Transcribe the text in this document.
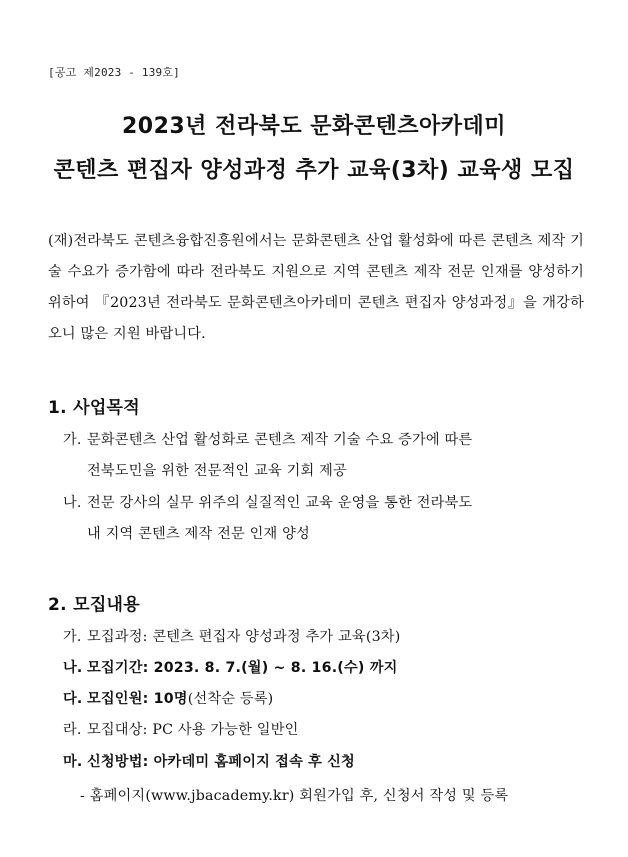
[공고 제2023 - 139호]
2023년 전라북도 문화콘텐츠아카데미
콘텐츠 편집자 양성과정 추가 교육(3차) 교육생 모집
(재)전라북도 콘텐츠융합진흥원에서는 문화콘텐츠 산업 활성화에 따른 콘텐츠 제작 기술 수요가 증가함에 따라 전라북도 지원으로 지역 콘텐츠 제작 전문 인재를 양성하기 위하여 『2023년 전라북도 문화콘텐츠아카데미 콘텐츠 편집자 양성과정』을 개강하오니 많은 지원 바랍니다.
1. 사업목적
가. 문화콘텐츠 산업 활성화로 콘텐츠 제작 기술 수요 증가에 따른
전북도민을 위한 전문적인 교육 기회 제공
나. 전문 강사의 실무 위주의 실질적인 교육 운영을 통한 전라북도
내 지역 콘텐츠 제작 전문 인재 양성
2. 모집내용
가. 모집과정: 콘텐츠 편집자 양성과정 추가 교육(3차)
나. 모집기간: 2023. 8. 7.(월) ~ 8. 16.(수) 까지
다. 모집인원: 10명(선착순 등록)
라. 모집대상: PC 사용 가능한 일반인
마. 신청방법: 아카데미 홈페이지 접속 후 신청
- 홈페이지(www.jbacademy.kr) 회원가입 후, 신청서 작성 및 등록
